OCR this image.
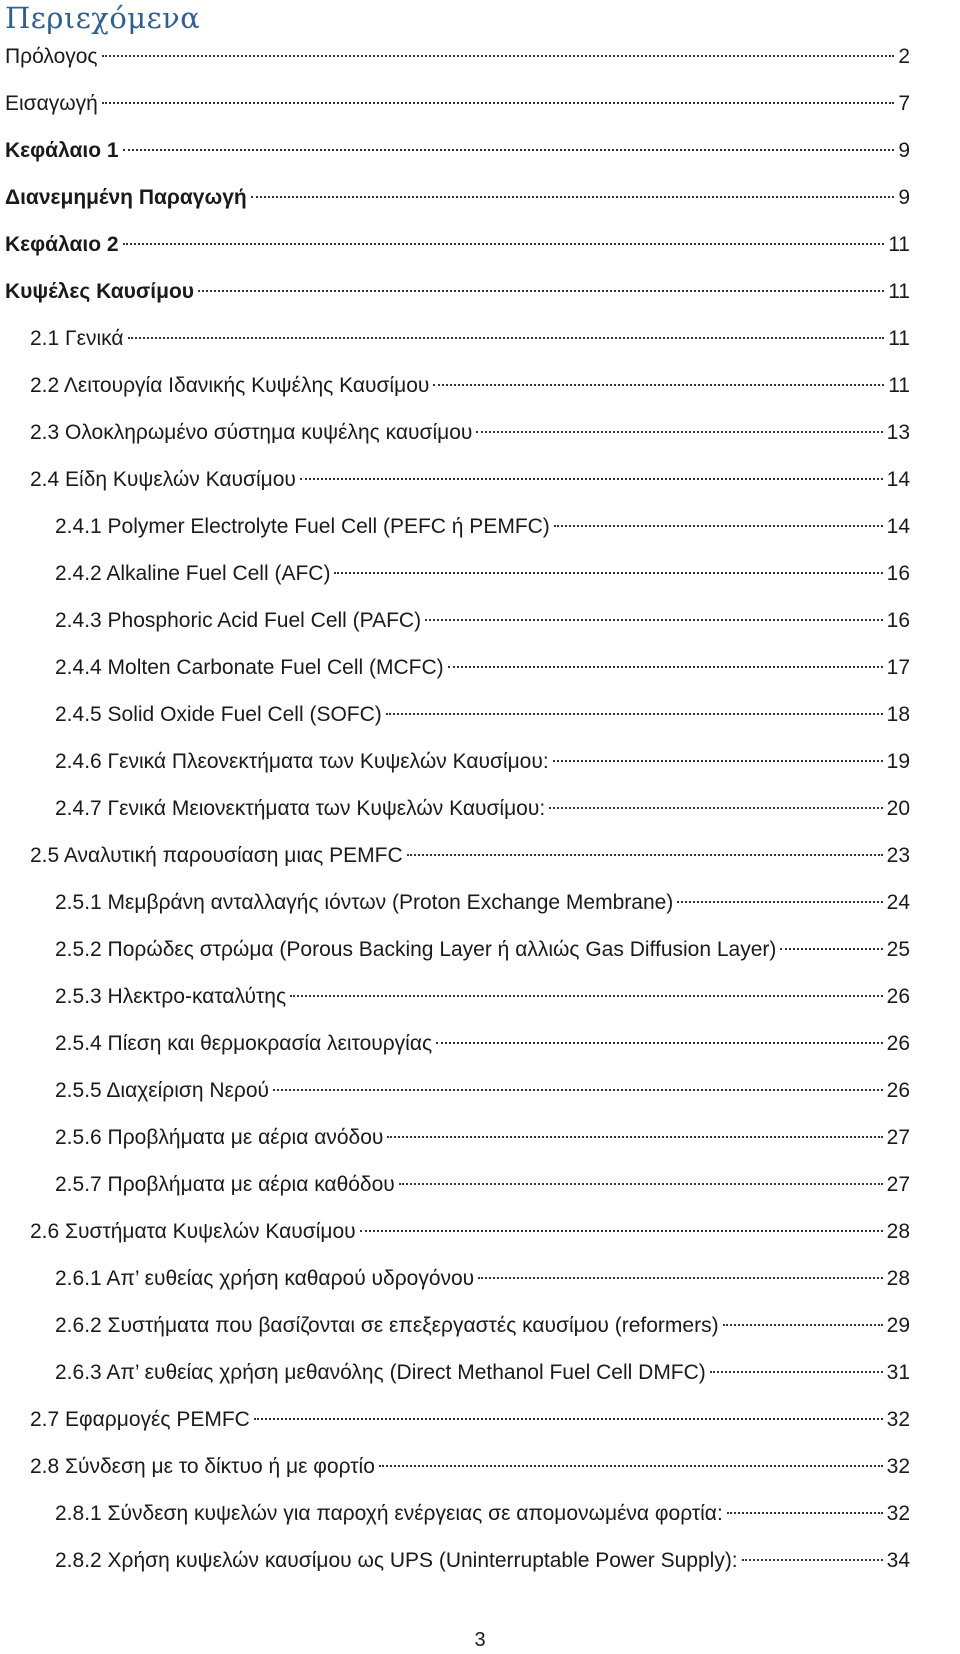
Περιεχόμενα
Πρόλογος	2
Εισαγωγή	7
Κεφάλαιο 1	9
Διανεμημένη Παραγωγή	9
Κεφάλαιο 2	11
Κυψέλες Καυσίμου	11
2.1 Γενικά	11
2.2 Λειτουργία Ιδανικής Κυψέλης Καυσίμου	11
2.3 Ολοκληρωμένο σύστημα κυψέλης καυσίμου	13
2.4 Είδη Κυψελών Καυσίμου	14
2.4.1 Polymer Electrolyte Fuel Cell (PEFC ή PEMFC)	14
2.4.2 Alkaline Fuel Cell (AFC)	16
2.4.3 Phosphoric Acid Fuel Cell (PAFC)	16
2.4.4 Molten Carbonate Fuel Cell (MCFC)	17
2.4.5 Solid Oxide Fuel Cell (SOFC)	18
2.4.6 Γενικά Πλεονεκτήματα των Κυψελών Καυσίμου:	19
2.4.7 Γενικά Μειονεκτήματα των Κυψελών Καυσίμου:	20
2.5 Αναλυτική παρουσίαση μιας PEMFC	23
2.5.1 Μεμβράνη ανταλλαγής ιόντων (Proton Exchange Membrane)	24
2.5.2 Πορώδες στρώμα (Porous Backing Layer ή αλλιώς Gas Diffusion Layer)	25
2.5.3 Ηλεκτρο-καταλύτης	26
2.5.4 Πίεση και θερμοκρασία λειτουργίας	26
2.5.5 Διαχείριση Νερού	26
2.5.6 Προβλήματα με αέρια ανόδου	27
2.5.7 Προβλήματα με αέρια καθόδου	27
2.6 Συστήματα Κυψελών Καυσίμου	28
2.6.1 Απ’ ευθείας χρήση καθαρού υδρογόνου	28
2.6.2 Συστήματα που βασίζονται σε επεξεργαστές καυσίμου (reformers)	29
2.6.3 Απ’ ευθείας χρήση μεθανόλης (Direct Methanol Fuel Cell DMFC)	31
2.7 Εφαρμογές PEMFC	32
2.8 Σύνδεση με το δίκτυο ή με φορτίο	32
2.8.1 Σύνδεση κυψελών για παροχή ενέργειας σε απομονωμένα φορτία:	32
2.8.2 Χρήση κυψελών καυσίμου ως UPS (Uninterruptable Power Supply):	34
3
